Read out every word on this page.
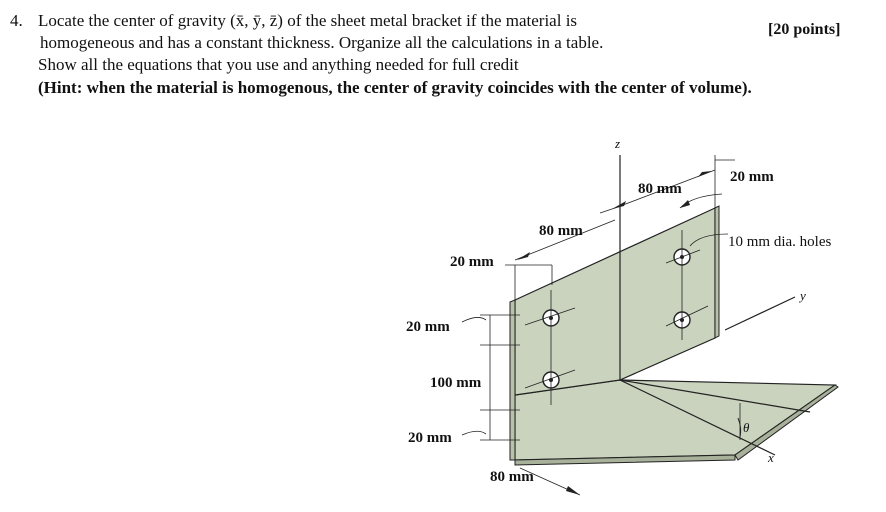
4. Locate the center of gravity (x̄, ȳ, z̄) of the sheet metal bracket if the material is
homogeneous and has a constant thickness. Organize all the calculations in a table.
Show all the equations that you use and anything needed for full credit
(Hint: when the material is homogenous, the center of gravity coincides with the center of volume).
[20 points]
z
y
x
θ
80 mm
20 mm
10 mm dia. holes
80 mm
20 mm
20 mm
100 mm
20 mm
80 mm
